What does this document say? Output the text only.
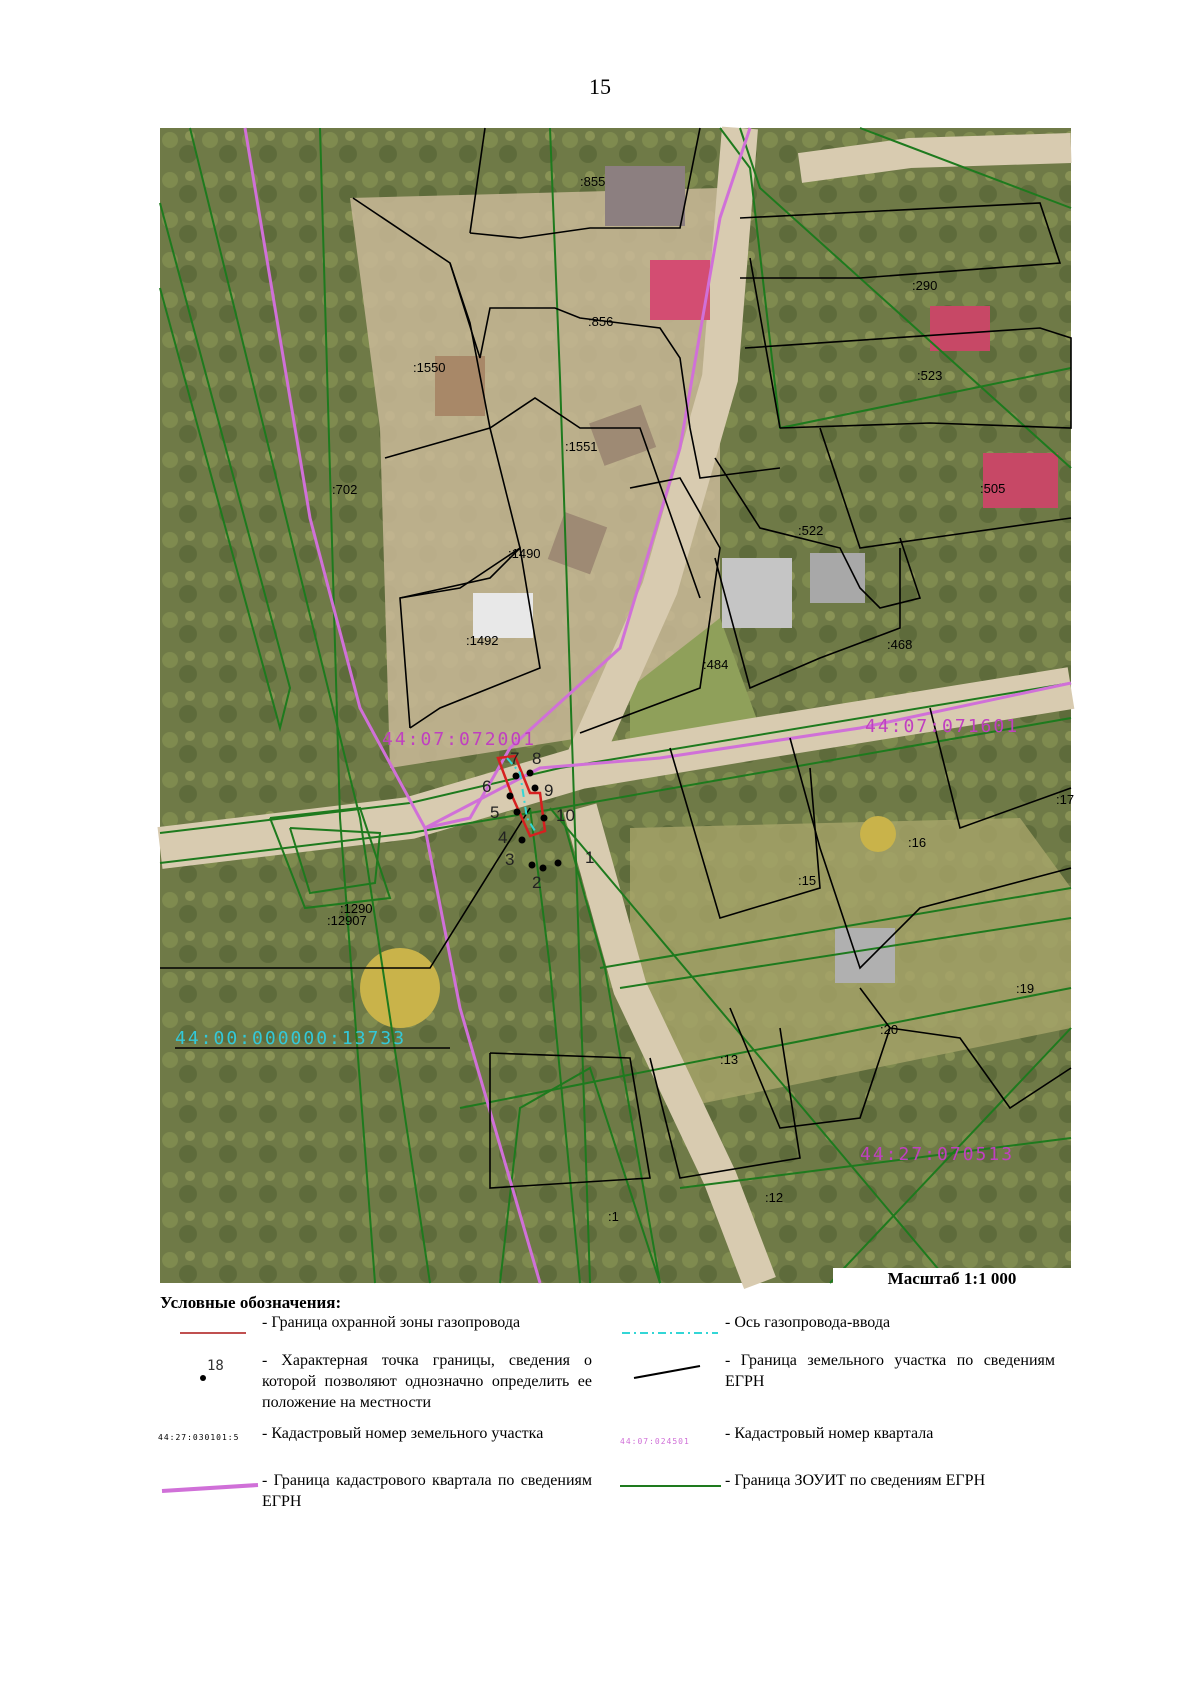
15
:855
:856
:290
:523
:1550
:1551
:505
:702
:522
:1490
:1492	:468
:484
:17
:16
:15
:1290
:12907
:19
:20
:13
:12
:1
44:07:072001
44:07:071601
44:27:070513
44:00:000000:13733
1
2
3
4
5
6
7 8
9
10
Масштаб 1:1 000
Условные обозначения:
- Граница охранной зоны газопровода	- Ось газопровода-ввода
18 - Характерная точка границы, сведения о которой позволяют однозначно определить ее положение на местности
- Граница земельного участка по сведениям ЕГРН
44:27:030101:5 - Кадастровый номер земельного участка	44:07:024501 - Кадастровый номер квартала
- Граница кадастрового квартала по сведениям ЕГРН
- Граница ЗОУИТ по сведениям ЕГРН
